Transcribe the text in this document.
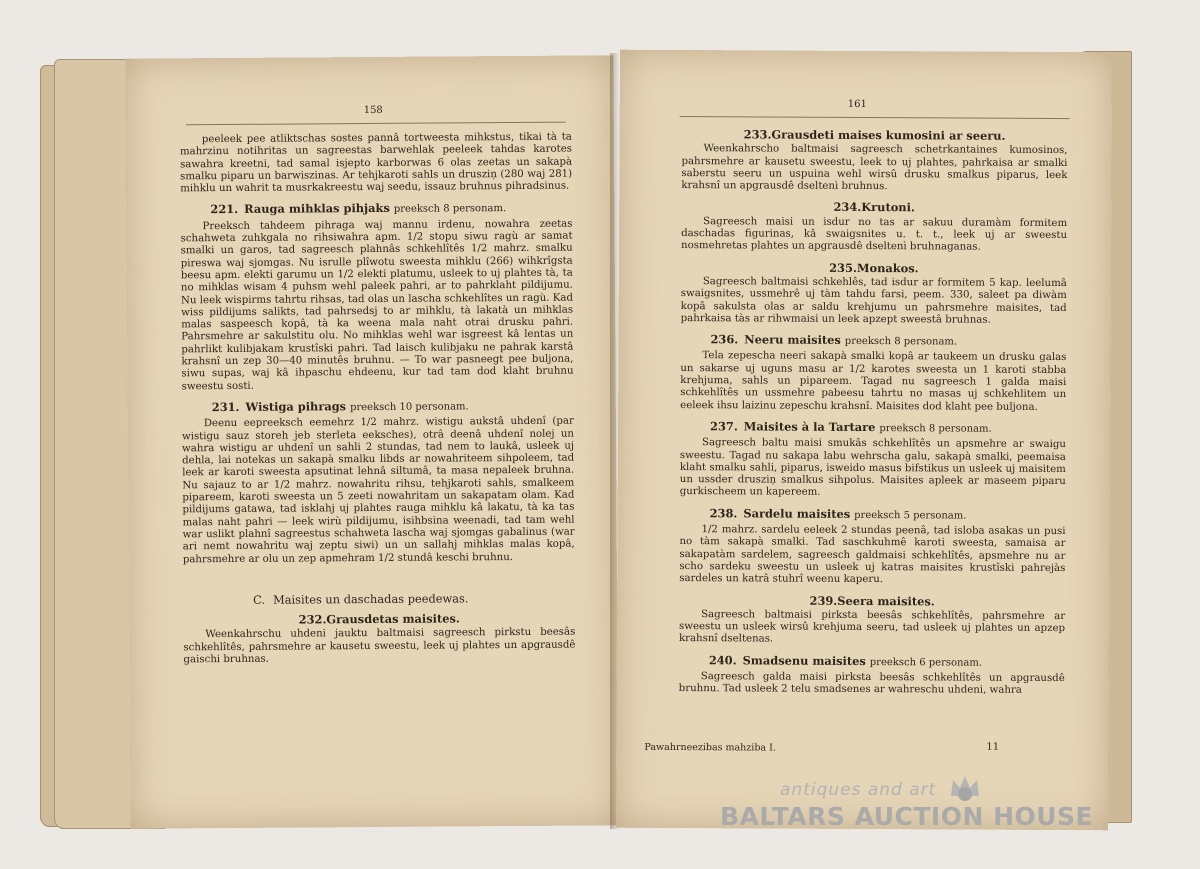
158

peeleek pee atliktschas sostes pannâ tortweesta mihkstus, tikai tà ta mahrzinu notihritas un sagreestas barwehlak peeleek tahdas karotes sawahra kreetni, tad samal isjepto karborwas 6 olas zeetas un sakapà smalku piparu un barwiszinas. Ar tehjkaroti sahls un drusziņ (280 waj 281) mihklu un wahrit ta musrkakreestu waj seedu, issauz bruhnus pihradsinus.

221. Rauga mihklas pihjaks preeksch 8 personam.

Preeksch tahdeem pihraga waj mannu irdenu, nowahra zeetas schahweta zuhkgala no rihsiwahra apm. 1/2 stopu siwu ragù ar samat smalki un garos, tad sagreesch plahnâs schkehlîtês 1/2 mahrz. smalku pireswa waj sjomgas. Nu isrulle plîwotu sweesta mihklu (266) wihkrîgsta beesu apm. elekti garumu un 1/2 elekti platumu, usleek to uj plahtes tà, ta no mihklas wisam 4 puhsm wehl paleek pahri, ar to pahrklaht pildijumu. Nu leek wispirms tahrtu rihsas, tad olas un lascha schkehlîtes un ragù. Kad wiss pildijums salikts, tad pahrsedsj to ar mihklu, tà lakatà un mihklas malas saspeesch kopâ, tà ka weena mala naht otrai drusku pahri. Pahrsmehre ar sakulstitu olu. No mihklas wehl war isgreest kâ lentas un pahrlikt kulibjakam krustîski pahri. Tad laisch kulibjaku ne pahrak karstâ krahsnî un zep 30—40 minutês bruhnu. — To war pasneegt pee buljona, siwu supas, waj kâ ihpaschu ehdeenu, kur tad tam dod klaht bruhnu sweestu sosti.

231. Wistiga pihrags preeksch 10 personam.

Deenu eepreeksch eemehrz 1/2 mahrz. wistigu aukstâ uhdenî (par wistigu sauz storeh jeb sterleta eeksches), otrâ deenâ uhdenî nolej un wahra wistigu ar uhdenî un sahli 2 stundas, tad nem to laukâ, usleek uj dehla, lai notekas un sakapà smalku libds ar nowahriteem sihpoleem, tad leek ar karoti sweesta apsutinat lehnâ siltumâ, ta masa nepaleek bruhna. Nu sajauz to ar 1/2 mahrz. nowahritu rihsu, tehjkaroti sahls, smalkeem pipareem, karoti sweesta un 5 zeeti nowahritam un sakapatam olam. Kad pildijums gatawa, tad isklahj uj plahtes rauga mihklu kâ lakatu, tà ka tas malas naht pahri — leek wirù pildijumu, isihbsina weenadi, tad tam wehl war uslikt plahnî sagreestus schahweta lascha waj sjomgas gabalinus (war ari nemt nowahritu waj zeptu siwi) un un sallahj mihklas malas kopâ, pahrsmehre ar olu un zep apmehram 1/2 stundâ keschi bruhnu.

C. Maisites un daschadas peedewas.
232.Grausdetas maisites.

Weenkahrschu uhdeni jauktu baltmaisi sagreesch pirkstu beesâs schkehlîtês, pahrsmehre ar kausetu sweestu, leek uj plahtes un apgrausdê gaischi bruhnas.

161
233.Grausdeti maises kumosini ar seeru.

Weenkahrscho baltmaisi sagreesch schetrkantaines kumosinos, pahrsmehre ar kausetu sweestu, leek to uj plahtes, pahrkaisa ar smalki saberstu seeru un uspuina wehl wirsû drusku smalkus piparus, leek krahsnî un apgrausdê dseltenì bruhnus.

234.Krutoni.

Sagreesch maisi un isdur no tas ar sakuu duramàm formitem daschadas figurinas, kâ swaigsnites u. t. t., leek uj ar sweestu nosmehretas plahtes un apgrausdê dseltenì bruhnaganas.

235.Monakos.

Sagreesch baltmaisi schkehlês, tad isdur ar formitem 5 kap. leelumâ swaigsnites, ussmehrê uj tàm tahdu farsi, peem. 330, saleet pa diwàm kopâ sakulsta olas ar saldu krehjumu un pahrsmehre maisites, tad pahrkaisa tàs ar rihwmaisi un leek apzept sweestâ bruhnas.

236. Neeru maisites preeksch 8 personam.

Tela zepescha neeri sakapà smalki kopâ ar taukeem un drusku galas un sakarse uj uguns masu ar 1/2 karotes sweesta un 1 karoti stabba krehjuma, sahls un pipareem. Tagad nu sagreesch 1 galda maisi schkehlîtês un ussmehre pabeesu tahrtu no masas uj schkehlitem un eeleek ihsu laizinu zepeschu krahsnî. Maisites dod klaht pee buljona.

237. Maisites à la Tartare preeksch 8 personam.

Sagreesch baltu maisi smukâs schkehlîtês un apsmehre ar swaigu sweestu. Tagad nu sakapa labu wehrscha galu, sakapà smalki, peemaisa klaht smalku sahli, piparus, isweido masus bifstikus un usleek uj maisitem un ussder drusziņ smalkus sihpolus. Maisites apleek ar maseem piparu gurkischeem un kapereem.

238. Sardelu maisites preeksch 5 personam.

1/2 mahrz. sardelu eeleek 2 stundas peenâ, tad isloba asakas un pusi no tàm sakapà smalki. Tad saschkuhmê karoti sweesta, samaisa ar sakapatàm sardelem, sagreesch galdmaisi schkehlîtês, apsmehre nu ar scho sardeku sweestu un usleek uj katras maisites krustîski pahrejàs sardeles un katrâ stuhrî weenu kaperu.

239.Seera maisites.

Sagreesch baltmaisi pirksta beesâs schkehlîtês, pahrsmehre ar sweestu un usleek wirsû krehjuma seeru, tad usleek uj plahtes un apzep krahsnî dseltenas.

240. Smadsenu maisites preeksch 6 personam.

Sagreesch galda maisi pirksta beesâs schkehlîtês un apgrausdê bruhnu. Tad usleek 2 telu smadsenes ar wahreschu uhdeni, wahra

Pawahrneezibas mahziba I.	11
antiques and art
BALTARS AUCTION HOUSE
